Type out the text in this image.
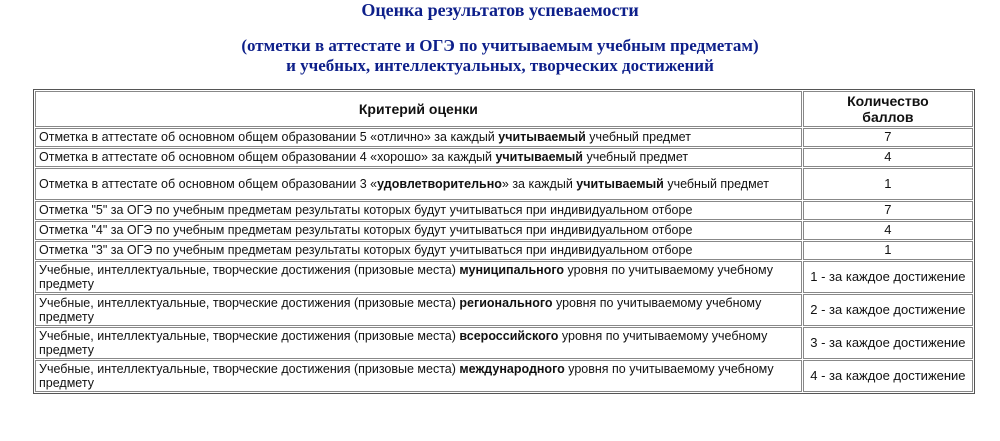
Оценка результатов успеваемости
(отметки в аттестате и ОГЭ по учитываемым учебным предметам)
и учебных, интеллектуальных, творческих достижений
Критерий оценки	Количество
баллов
Отметка в аттестате об основном общем образовании 5 «отлично» за каждый учитываемый учебный предмет	7
Отметка в аттестате об основном общем образовании 4 «хорошо» за каждый учитываемый учебный предмет	4
Отметка в аттестате об основном общем образовании 3 «удовлетворительно» за каждый учитываемый учебный предмет	1
Отметка "5" за ОГЭ по учебным предметам результаты которых будут учитываться при индивидуальном отборе	7
Отметка "4" за ОГЭ по учебным предметам результаты которых будут учитываться при индивидуальном отборе	4
Отметка "3" за ОГЭ по учебным предметам результаты которых будут учитываться при индивидуальном отборе	1
Учебные, интеллектуальные, творческие достижения (призовые места) муниципального уровня по учитываемому учебному предмету	1 - за каждое достижение
Учебные, интеллектуальные, творческие достижения (призовые места) регионального уровня по учитываемому учебному предмету	2 - за каждое достижение
Учебные, интеллектуальные, творческие достижения (призовые места) всероссийского уровня по учитываемому учебному предмету	3 - за каждое достижение
Учебные, интеллектуальные, творческие достижения (призовые места) международного уровня по учитываемому учебному предмету	4 - за каждое достижение
